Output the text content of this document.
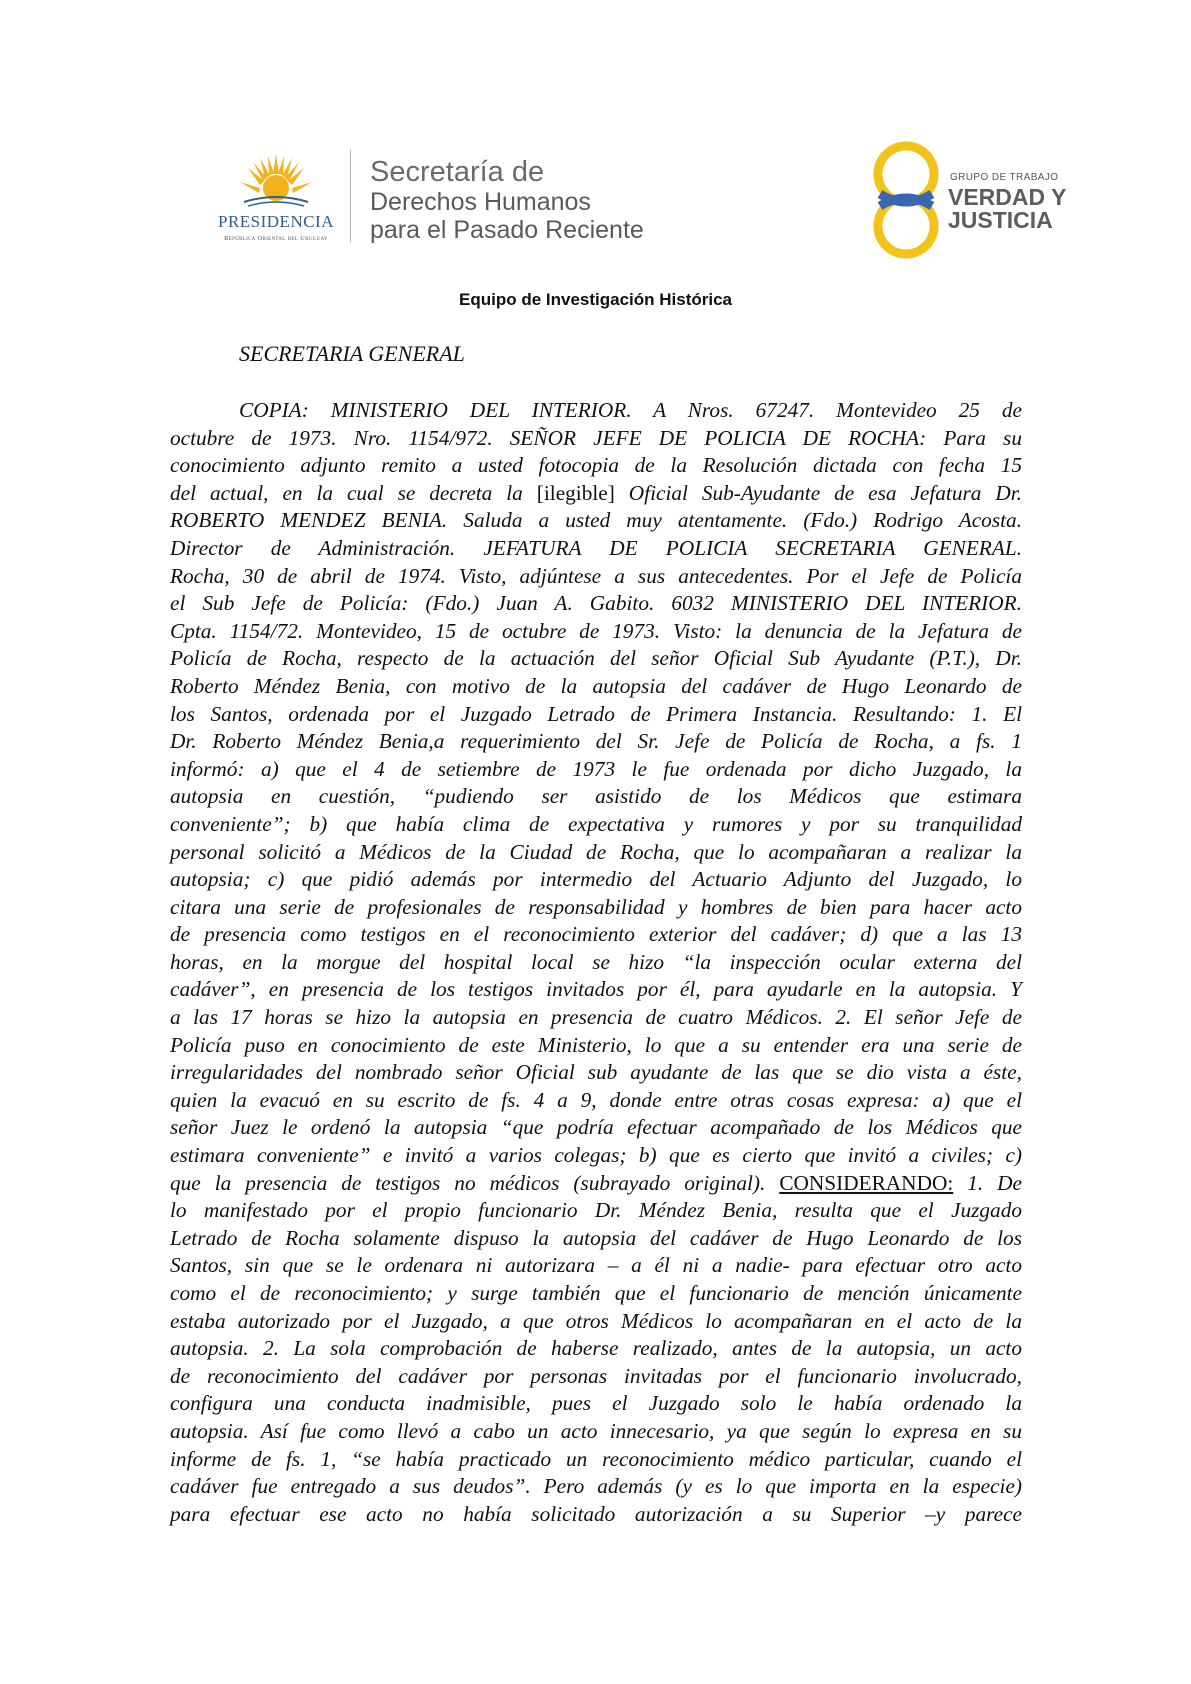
PRESIDENCIA
República Oriental del Uruguay
Secretaría de
Derechos Humanos
para el Pasado Reciente
GRUPO DE TRABAJO
VERDAD Y
JUSTICIA
Equipo de Investigación Histórica
SECRETARIA GENERAL
COPIA: MINISTERIO DEL INTERIOR. A Nros. 67247. Montevideo 25 de
octubre de 1973. Nro. 1154/972. SEÑOR JEFE DE POLICIA DE ROCHA: Para su
conocimiento adjunto remito a usted fotocopia de la Resolución dictada con fecha 15
del actual, en la cual se decreta la [ilegible] Oficial Sub-Ayudante de esa Jefatura Dr.
ROBERTO MENDEZ BENIA. Saluda a usted muy atentamente. (Fdo.) Rodrigo Acosta.
Director de Administración. JEFATURA DE POLICIA SECRETARIA GENERAL.
Rocha, 30 de abril de 1974. Visto, adjúntese a sus antecedentes. Por el Jefe de Policía
el Sub Jefe de Policía: (Fdo.) Juan A. Gabito. 6032 MINISTERIO DEL INTERIOR.
Cpta. 1154/72. Montevideo, 15 de octubre de 1973. Visto: la denuncia de la Jefatura de
Policía de Rocha, respecto de la actuación del señor Oficial Sub Ayudante (P.T.), Dr.
Roberto Méndez Benia, con motivo de la autopsia del cadáver de Hugo Leonardo de
los Santos, ordenada por el Juzgado Letrado de Primera Instancia. Resultando: 1. El
Dr. Roberto Méndez Benia,a requerimiento del Sr. Jefe de Policía de Rocha, a fs. 1
informó: a) que el 4 de setiembre de 1973 le fue ordenada por dicho Juzgado, la
autopsia en cuestión, “pudiendo ser asistido de los Médicos que estimara
conveniente”; b) que había clima de expectativa y rumores y por su tranquilidad
personal solicitó a Médicos de la Ciudad de Rocha, que lo acompañaran a realizar la
autopsia; c) que pidió además por intermedio del Actuario Adjunto del Juzgado, lo
citara una serie de profesionales de responsabilidad y hombres de bien para hacer acto
de presencia como testigos en el reconocimiento exterior del cadáver; d) que a las 13
horas, en la morgue del hospital local se hizo “la inspección ocular externa del
cadáver”, en presencia de los testigos invitados por él, para ayudarle en la autopsia. Y
a las 17 horas se hizo la autopsia en presencia de cuatro Médicos. 2. El señor Jefe de
Policía puso en conocimiento de este Ministerio, lo que a su entender era una serie de
irregularidades del nombrado señor Oficial sub ayudante de las que se dio vista a éste,
quien la evacuó en su escrito de fs. 4 a 9, donde entre otras cosas expresa: a) que el
señor Juez le ordenó la autopsia “que podría efectuar acompañado de los Médicos que
estimara conveniente” e invitó a varios colegas; b) que es cierto que invitó a civiles; c)
que la presencia de testigos no médicos (subrayado original). CONSIDERANDO: 1. De
lo manifestado por el propio funcionario Dr. Méndez Benia, resulta que el Juzgado
Letrado de Rocha solamente dispuso la autopsia del cadáver de Hugo Leonardo de los
Santos, sin que se le ordenara ni autorizara – a él ni a nadie- para efectuar otro acto
como el de reconocimiento; y surge también que el funcionario de mención únicamente
estaba autorizado por el Juzgado, a que otros Médicos lo acompañaran en el acto de la
autopsia. 2. La sola comprobación de haberse realizado, antes de la autopsia, un acto
de reconocimiento del cadáver por personas invitadas por el funcionario involucrado,
configura una conducta inadmisible, pues el Juzgado solo le había ordenado la
autopsia. Así fue como llevó a cabo un acto innecesario, ya que según lo expresa en su
informe de fs. 1, “se había practicado un reconocimiento médico particular, cuando el
cadáver fue entregado a sus deudos”. Pero además (y es lo que importa en la especie)
para efectuar ese acto no había solicitado autorización a su Superior –y parece
